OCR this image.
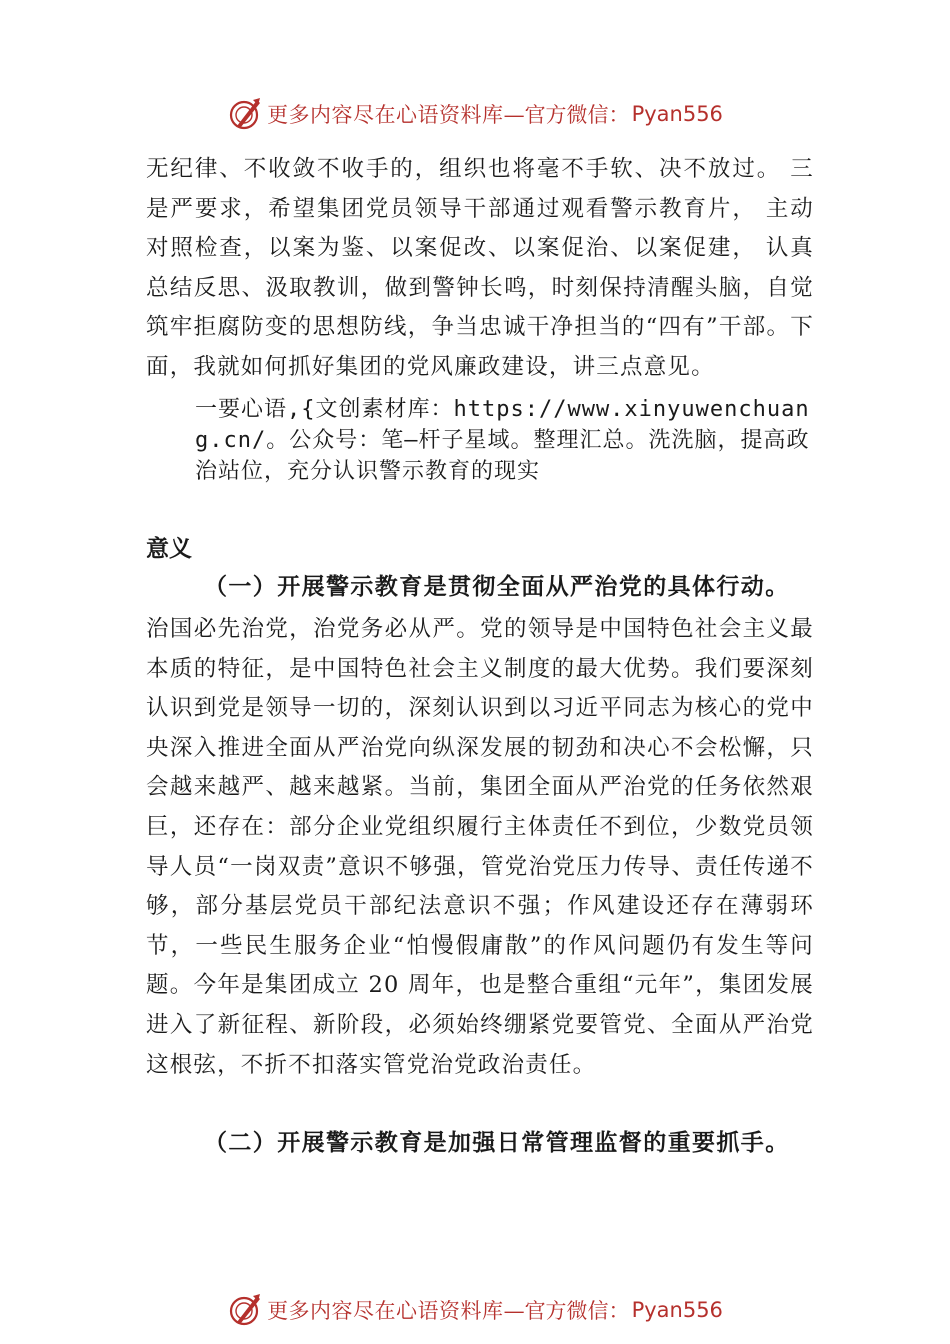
更多内容尽在心语资料库 —官方微信： Pyan556
无纪律、不收敛不收手的，组织也将毫不手软、决不放过。 三是严要求，希望集团党员领导干部通过观看警示教育片， 主动对照检查，以案为鉴、以案促改、以案促治、以案促建， 认真总结反思、汲取教训，做到警钟长鸣，时刻保持清醒头脑，自觉筑牢拒腐防变的思想防线，争当忠诚干净担当的“四有”干部。下面，我就如何抓好集团的党风廉政建设，讲三点意见。
一要心语,{文创素材库：https://www.xinyuwenchuang.cn/。公众号：笔—杆子星域。整理汇总。洗洗脑，提高政治站位，充分认识警示教育的现实
意义
（一）开展警示教育是贯彻全面从严治党的具体行动。
治国必先治党，治党务必从严。党的领导是中国特色社会主义最本质的特征，是中国特色社会主义制度的最大优势。我们要深刻认识到党是领导一切的，深刻认识到以习近平同志为核心的党中央深入推进全面从严治党向纵深发展的韧劲和决心不会松懈，只会越来越严、越来越紧。当前，集团全面从严治党的任务依然艰巨，还存在：部分企业党组织履行主体责任不到位，少数党员领导人员“一岗双责”意识不够强，管党治党压力传导、责任传递不够，部分基层党员干部纪法意识不强；作风建设还存在薄弱环节，一些民生服务企业“怕慢假庸散”的作风问题仍有发生等问题。今年是集团成立 20 周年，也是整合重组“元年”，集团发展进入了新征程、新阶段，必须始终绷紧党要管党、全面从严治党这根弦，不折不扣落实管党治党政治责任。
（二）开展警示教育是加强日常管理监督的重要抓手。
更多内容尽在心语资料库 —官方微信： Pyan556
